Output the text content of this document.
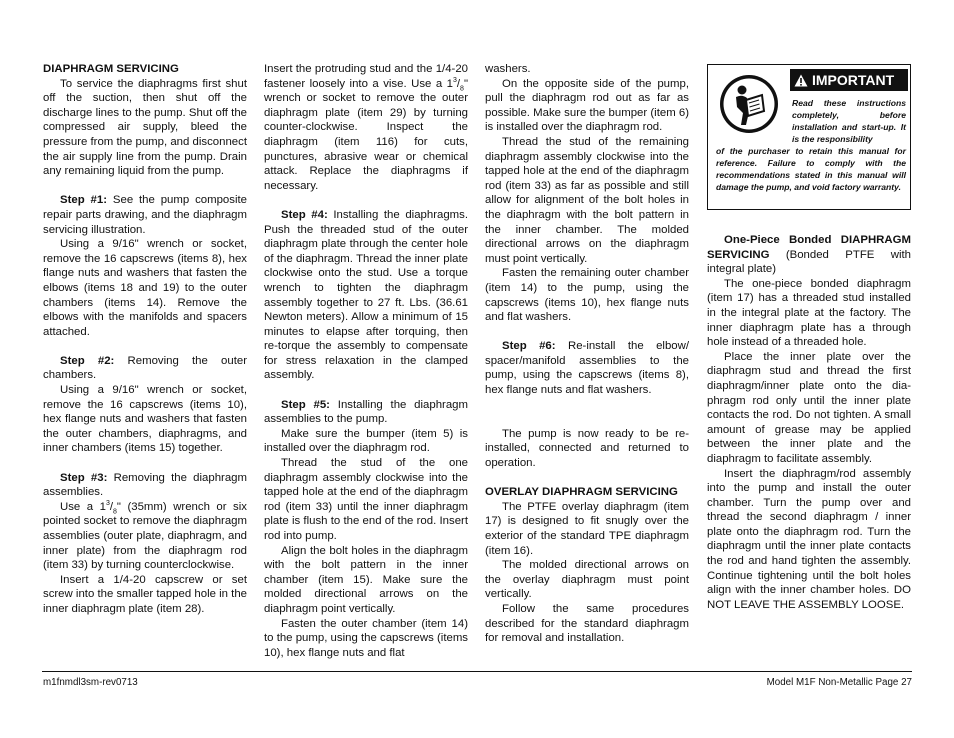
DIAPHRAGM SERVICING

To service the diaphragms first shut off the suction, then shut off the discharge lines to the pump. Shut off the compressed air supply, bleed the pressure from the pump, and disconnect the air supply line from the pump. Drain any remaining liquid from the pump.

Step #1: See the pump composite repair parts drawing, and the diaphragm servicing illustration.

Using a 9/16" wrench or socket, remove the 16 capscrews (items 8), hex flange nuts and washers that fasten the elbows (items 18 and 19) to the outer chambers (items 14). Remove the elbows with the manifolds and spacers attached.

Step #2: Removing the outer chambers.

Using a 9/16" wrench or socket, remove the 16 capscrews (items 10), hex flange nuts and washers that fasten the outer chambers, diaphragms, and inner chambers (items 15) together.

Step #3: Removing the diaphragm assemblies.

Use a $1^3/_8$" (35mm) wrench or six pointed socket to remove the diaphragm assemblies (outer plate, diaphragm, and inner plate) from the diaphragm rod (item 33) by turning counterclockwise.

Insert a 1/4-20 capscrew or set screw into the smaller tapped hole in the inner diaphragm plate (item 28).

Insert the protruding stud and the 1/4-20 fastener loosely into a vise. Use a $1^3/_8$" wrench or socket to remove the outer diaphragm plate (item 29) by turning counter-clockwise. Inspect the diaphragm (item 116) for cuts, punctures, abrasive wear or chemical attack. Replace the diaphragms if necessary.

Step #4: Installing the diaphragms. Push the threaded stud of the outer diaphragm plate through the center hole of the diaphragm. Thread the inner plate clockwise onto the stud. Use a torque wrench to tighten the diaphragm assembly together to 27 ft. Lbs. (36.61 Newton meters). Allow a minimum of 15 minutes to elapse after torquing, then re-torque the assembly to compensate for stress relaxation in the clamped assembly.

Step #5: Installing the diaphragm assemblies to the pump.

Make sure the bumper (item 5) is installed over the diaphragm rod.

Thread the stud of the one diaphragm assembly clockwise into the tapped hole at the end of the diaphragm rod (item 33) until the inner diaphragm plate is flush to the end of the rod. Insert rod into pump.

Align the bolt holes in the diaphragm with the bolt pattern in the inner chamber (item 15). Make sure the molded directional arrows on the diaphragm point vertically.

Fasten the outer chamber (item 14) to the pump, using the capscrews (items 10), hex flange nuts and flat

washers.

On the opposite side of the pump, pull the diaphragm rod out as far as possible. Make sure the bumper (item 6) is installed over the diaphragm rod.

Thread the stud of the remaining diaphragm assembly clockwise into the tapped hole at the end of the diaphragm rod (item 33) as far as possible and still allow for alignment of the bolt holes in the diaphragm with the bolt pattern in the inner chamber. The molded directional arrows on the diaphragm must point vertically.

Fasten the remaining outer chamber (item 14) to the pump, using the capscrews (items 10), hex flange nuts and flat washers.

Step #6: Re-install the elbow/ spacer/manifold assemblies to the pump, using the capscrews (items 8), hex flange nuts and flat washers.

The pump is now ready to be re-installed, connected and returned to operation.

OVERLAY DIAPHRAGM SERVICING

The PTFE overlay diaphragm (item 17) is designed to fit snugly over the exterior of the standard TPE diaphragm (item 16).

The molded directional arrows on the overlay diaphragm must point vertically.

Follow the same procedures described for the standard diaphragm for removal and installation.

IMPORTANT
Read these instructions completely, before installation and start-up. It is the responsibility
of the purchaser to retain this manual for reference. Failure to comply with the recommendations stated in this manual will damage the pump, and void factory warranty.

One-Piece Bonded DIAPHRAGM SERVICING (Bonded PTFE with integral plate)

The one-piece bonded diaphragm (item 17) has a threaded stud installed in the integral plate at the factory. The inner diaphragm plate has a through hole instead of a threaded hole.

Place the inner plate over the diaphragm stud and thread the first diaphragm/inner plate onto the dia-phragm rod only until the inner plate contacts the rod. Do not tighten. A small amount of grease may be applied between the inner plate and the diaphragm to facilitate assembly.

Insert the diaphragm/rod assembly into the pump and install the outer chamber. Turn the pump over and thread the second diaphragm / inner plate onto the diaphragm rod. Turn the diaphragm until the inner plate contacts the rod and hand tighten the assembly. Continue tightening until the bolt holes align with the inner chamber holes. DO NOT LEAVE THE ASSEMBLY LOOSE.

m1fnmdl3sm-rev0713	Model M1F Non-Metallic Page 27
